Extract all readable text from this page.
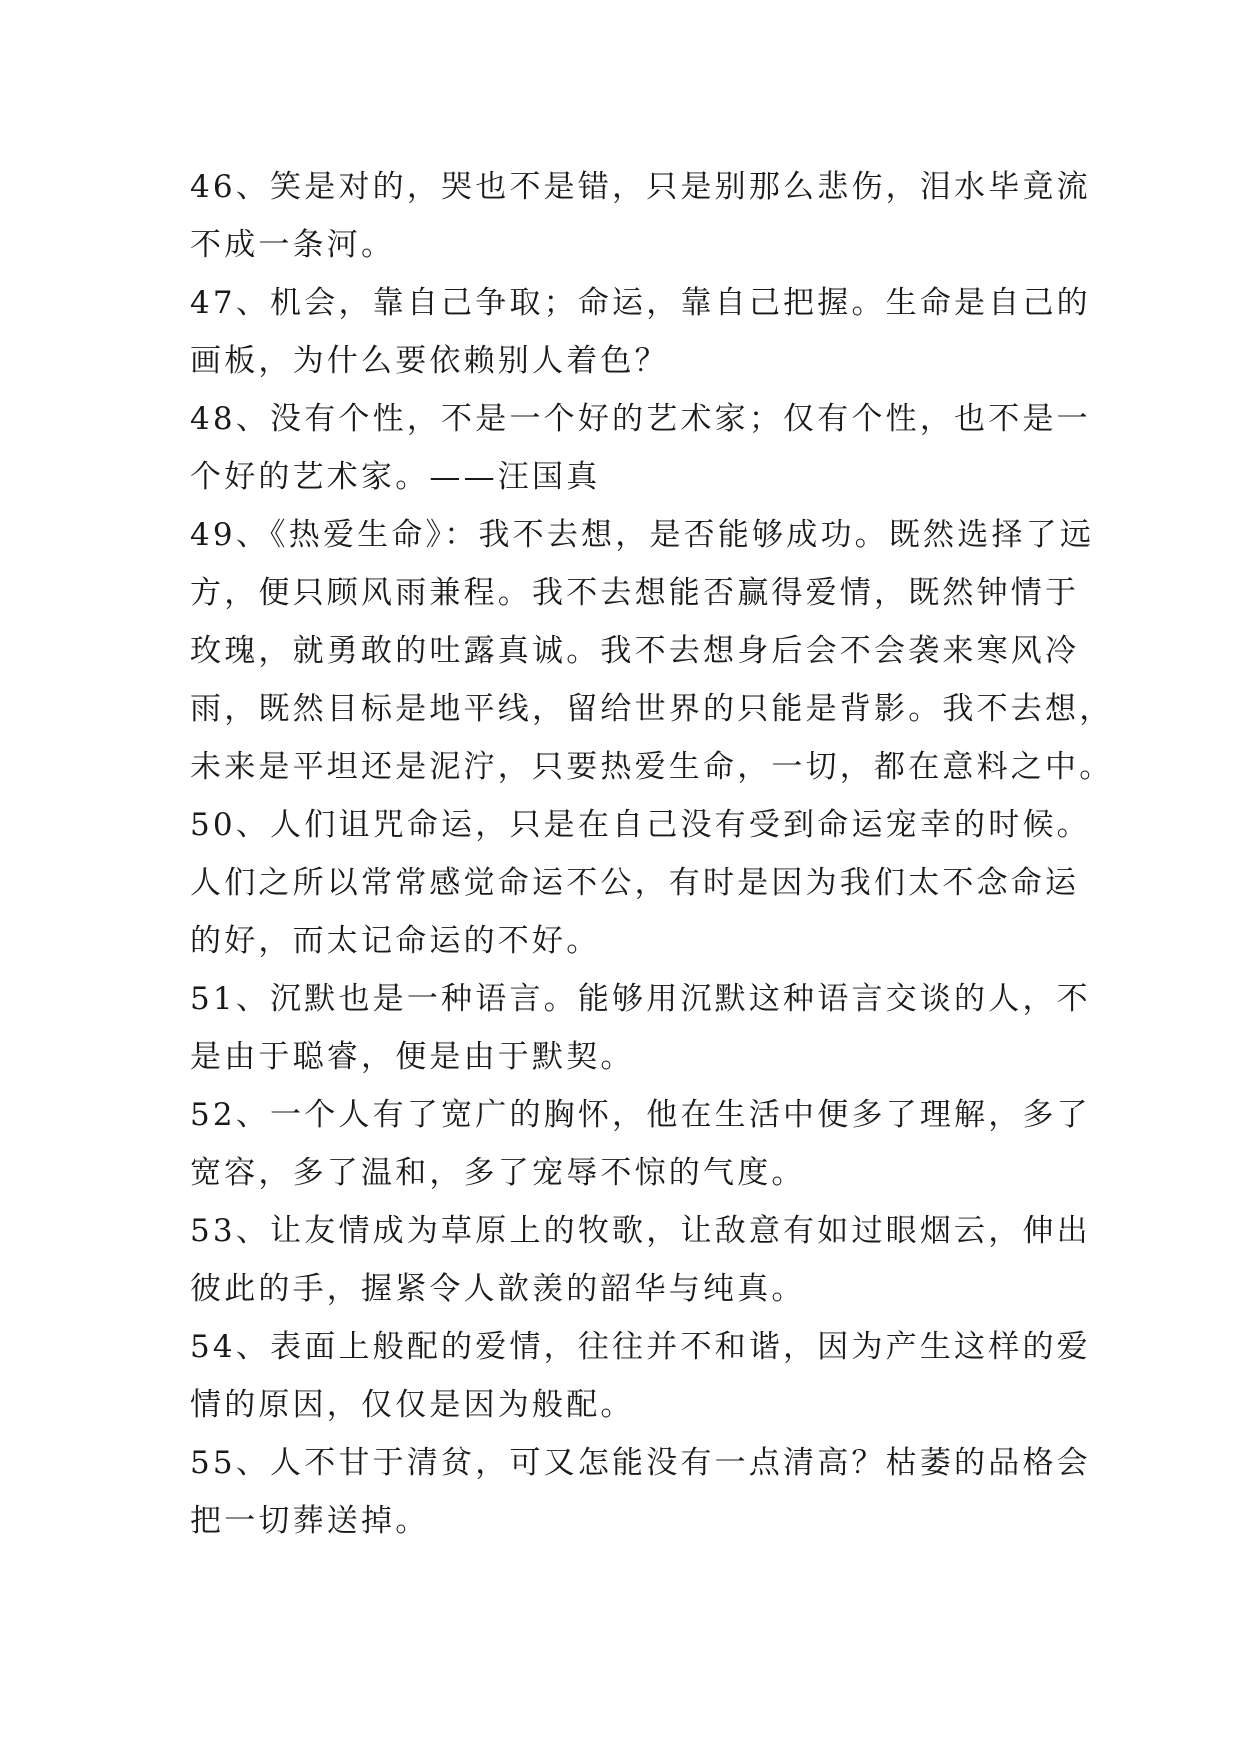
46、笑是对的，哭也不是错，只是别那么悲伤，泪水毕竟流
不成一条河。

47、机会，靠自己争取；命运，靠自己把握。生命是自己的
画板，为什么要依赖别人着色？

48、没有个性，不是一个好的艺术家；仅有个性，也不是一
个好的艺术家。——汪国真

49、《热爱生命》：我不去想，是否能够成功。既然选择了远
方，便只顾风雨兼程。我不去想能否赢得爱情，既然钟情于
玫瑰，就勇敢的吐露真诚。我不去想身后会不会袭来寒风冷
雨，既然目标是地平线，留给世界的只能是背影。我不去想，
未来是平坦还是泥泞，只要热爱生命，一切，都在意料之中。

50、人们诅咒命运，只是在自己没有受到命运宠幸的时候。
人们之所以常常感觉命运不公，有时是因为我们太不念命运
的好，而太记命运的不好。

51、沉默也是一种语言。能够用沉默这种语言交谈的人，不
是由于聪睿，便是由于默契。

52、一个人有了宽广的胸怀，他在生活中便多了理解，多了
宽容，多了温和，多了宠辱不惊的气度。

53、让友情成为草原上的牧歌，让敌意有如过眼烟云，伸出
彼此的手，握紧令人歆羡的韶华与纯真。

54、表面上般配的爱情，往往并不和谐，因为产生这样的爱
情的原因，仅仅是因为般配。

55、人不甘于清贫，可又怎能没有一点清高？枯萎的品格会
把一切葬送掉。
